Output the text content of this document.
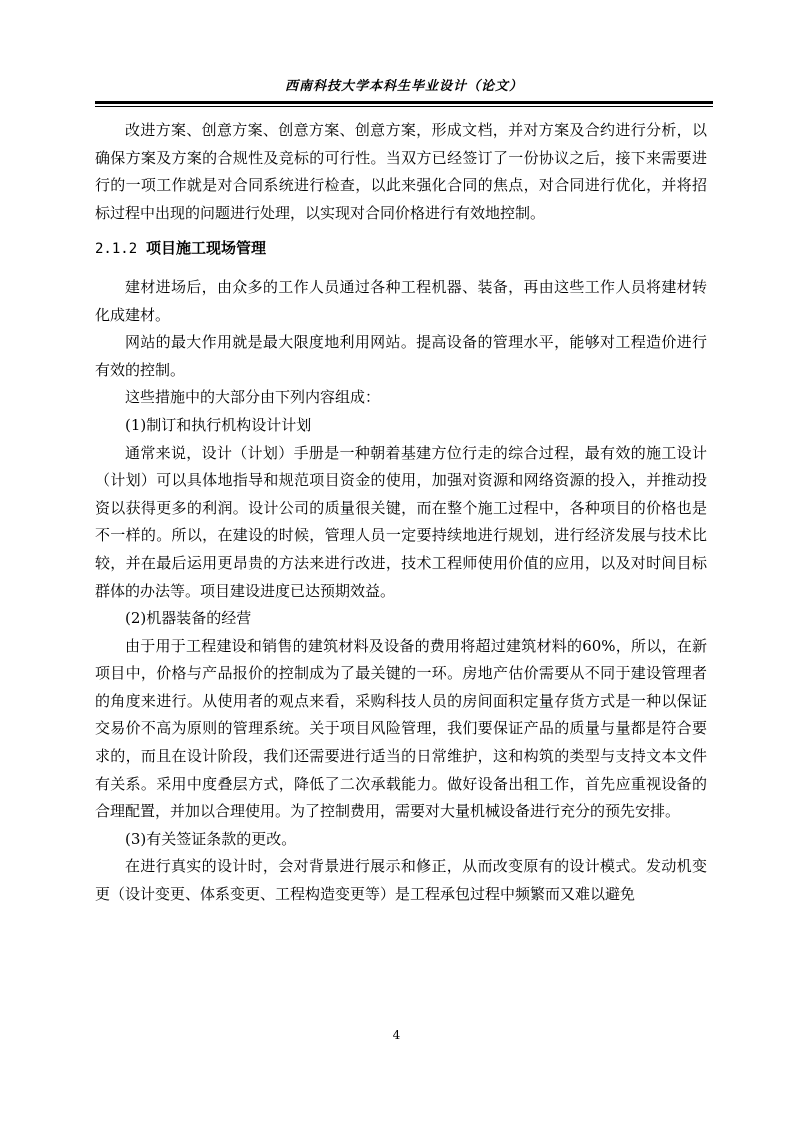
西南科技大学本科生毕业设计（论文）

改进方案、创意方案、创意方案、创意方案，形成文档，并对方案及合约进行分析，以确保方案及方案的合规性及竞标的可行性。当双方已经签订了一份协议之后，接下来需要进行的一项工作就是对合同系统进行检查，以此来强化合同的焦点，对合同进行优化，并将招标过程中出现的问题进行处理，以实现对合同价格进行有效地控制。

2.1.2 项目施工现场管理

建材进场后，由众多的工作人员通过各种工程机器、装备，再由这些工作人员将建材转化成建材。

网站的最大作用就是最大限度地利用网站。提高设备的管理水平，能够对工程造价进行有效的控制。

这些措施中的大部分由下列内容组成：

(1)制订和执行机构设计计划

通常来说，设计（计划）手册是一种朝着基建方位行走的综合过程，最有效的施工设计（计划）可以具体地指导和规范项目资金的使用，加强对资源和网络资源的投入，并推动投资以获得更多的利润。设计公司的质量很关键，而在整个施工过程中，各种项目的价格也是不一样的。所以，在建设的时候，管理人员一定要持续地进行规划，进行经济发展与技术比较，并在最后运用更昂贵的方法来进行改进，技术工程师使用价值的应用，以及对时间目标群体的办法等。项目建设进度已达预期效益。

(2)机器装备的经营

由于用于工程建设和销售的建筑材料及设备的费用将超过建筑材料的60%，所以，在新项目中，价格与产品报价的控制成为了最关键的一环。房地产估价需要从不同于建设管理者的角度来进行。从使用者的观点来看，采购科技人员的房间面积定量存货方式是一种以保证交易价不高为原则的管理系统。关于项目风险管理，我们要保证产品的质量与量都是符合要求的，而且在设计阶段，我们还需要进行适当的日常维护，这和构筑的类型与支持文本文件有关系。采用中度叠层方式，降低了二次承载能力。做好设备出租工作，首先应重视设备的合理配置，并加以合理使用。为了控制费用，需要对大量机械设备进行充分的预先安排。

(3)有关签证条款的更改。

在进行真实的设计时，会对背景进行展示和修正，从而改变原有的设计模式。发动机变更（设计变更、体系变更、工程构造变更等）是工程承包过程中频繁而又难以避免

4
